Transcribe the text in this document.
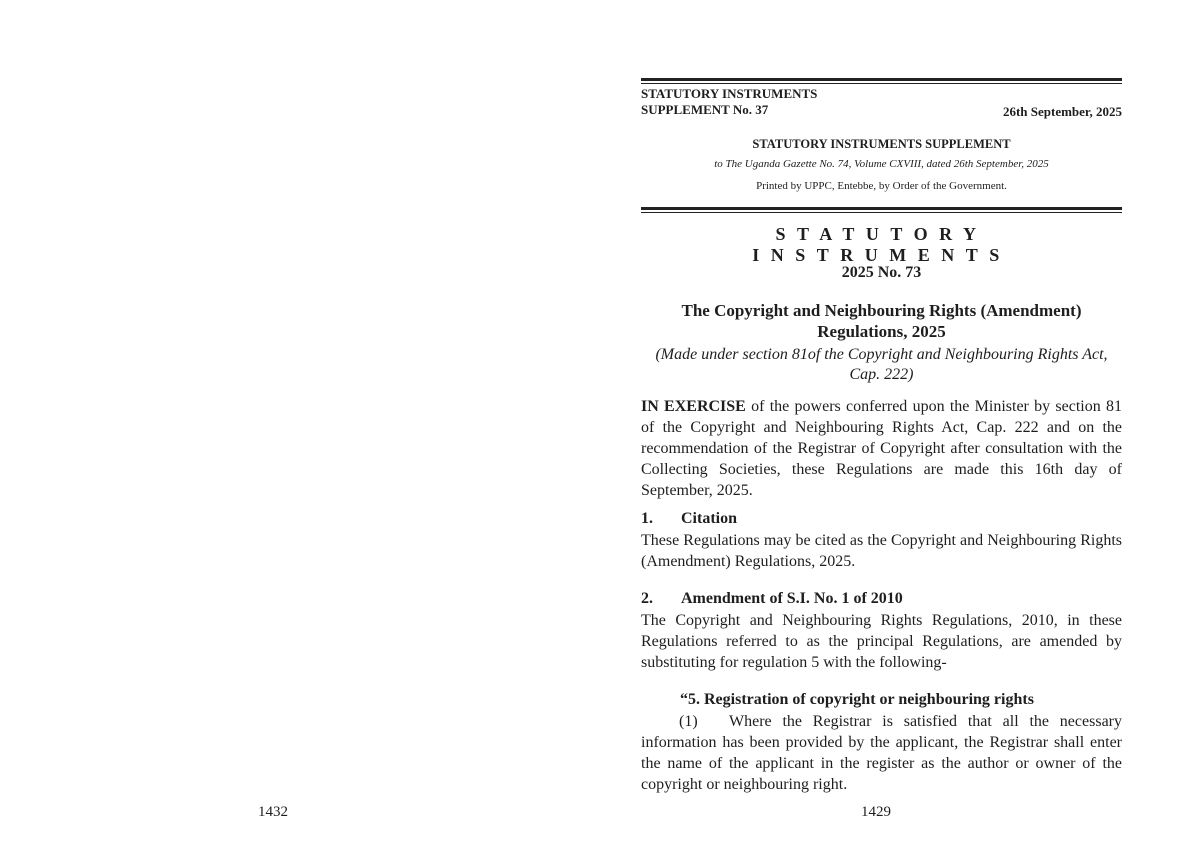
1432
STATUTORY INSTRUMENTS
SUPPLEMENT No. 37	26th September, 2025
STATUTORY INSTRUMENTS SUPPLEMENT
to The Uganda Gazette No. 74, Volume CXVIII, dated 26th September, 2025
Printed by UPPC, Entebbe, by Order of the Government.
STATUTORY INSTRUMENTS
2025 No. 73
The Copyright and Neighbouring Rights (Amendment) Regulations, 2025
(Made under section 81of the Copyright and Neighbouring Rights Act, Cap. 222)
IN EXERCISE of the powers conferred upon the Minister by section 81 of the Copyright and Neighbouring Rights Act, Cap. 222 and on the recommendation of the Registrar of Copyright after consultation with the Collecting Societies, these Regulations are made this 16th day of September, 2025.
1. Citation
These Regulations may be cited as the Copyright and Neighbouring Rights (Amendment) Regulations, 2025.
2. Amendment of S.I. No. 1 of 2010
The Copyright and Neighbouring Rights Regulations, 2010, in these Regulations referred to as the principal Regulations, are amended by substituting for regulation 5 with the following-
“5. Registration of copyright or neighbouring rights
(1) Where the Registrar is satisfied that all the necessary information has been provided by the applicant, the Registrar shall enter the name of the applicant in the register as the author or owner of the copyright or neighbouring right.
1429
